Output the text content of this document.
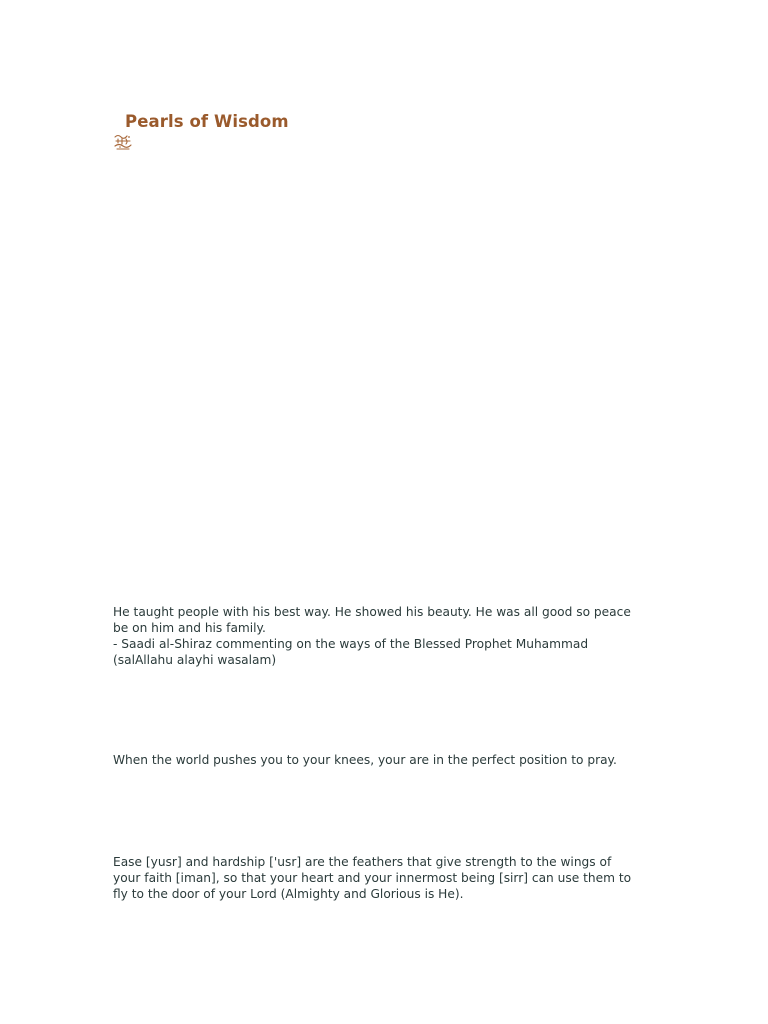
Pearls of Wisdom
He taught people with his best way. He showed his beauty. He was all good so peace
be on him and his family.
- Saadi al-Shiraz commenting on the ways of the Blessed Prophet Muhammad
(salAllahu alayhi wasalam)
When the world pushes you to your knees, your are in the perfect position to pray.
Ease [yusr] and hardship ['usr] are the feathers that give strength to the wings of
your faith [iman], so that your heart and your innermost being [sirr] can use them to
fly to the door of your Lord (Almighty and Glorious is He).
